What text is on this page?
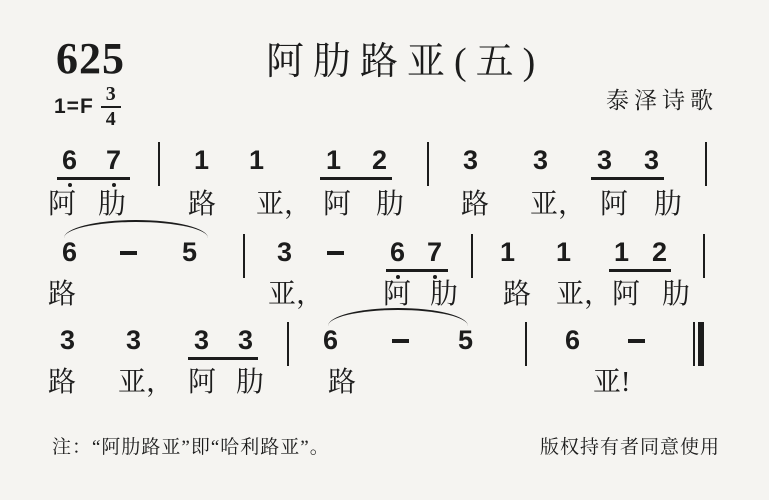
625	阿肋路亚(五)
$1=F \frac{3}{4}$	泰泽诗歌
6 7	1 1 1 2	3 3 3 3
阿 肋 路 亚， 阿 肋 路 亚， 阿 肋
6	5	3	6 7 1 1 1 2
路	亚， 阿 肋 路 亚， 阿 肋
3 3 3 3	6	5	6
路 亚， 阿 肋 路	亚!
注：“阿肋路亚”即“哈利路亚”。	版权持有者同意使用
